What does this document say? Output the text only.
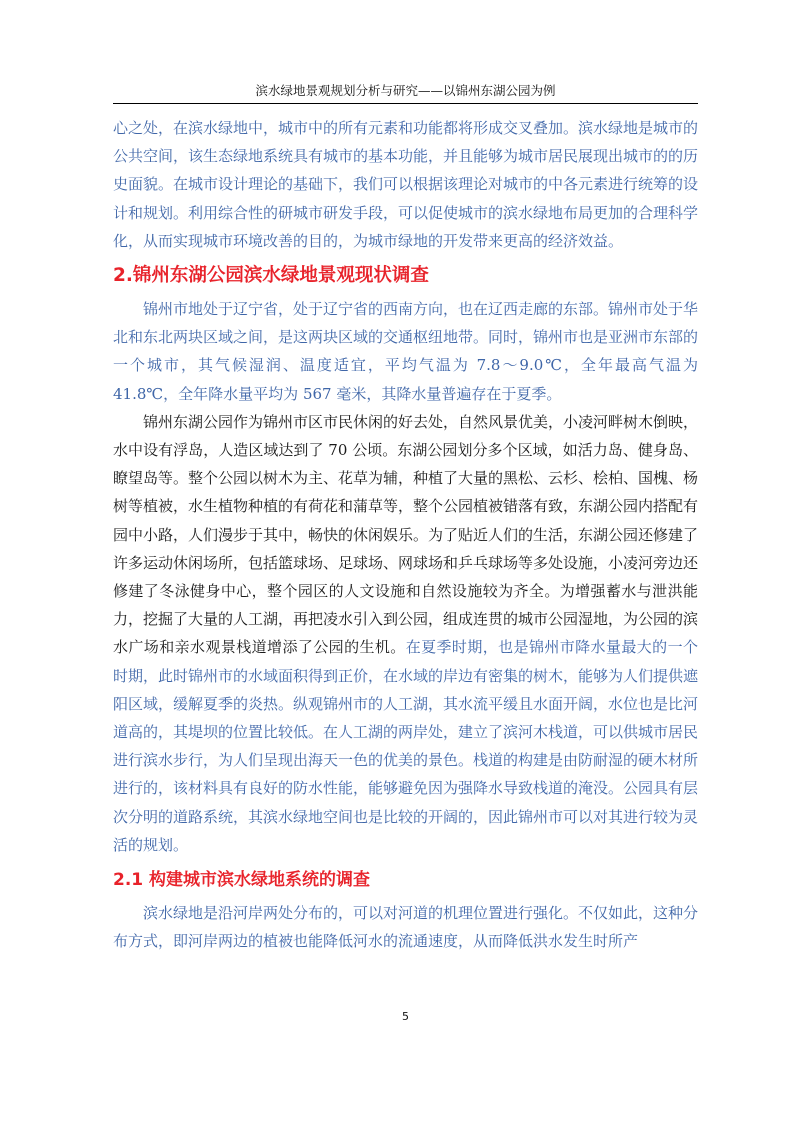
滨水绿地景观规划分析与研究——以锦州东湖公园为例

心之处，在滨水绿地中，城市中的所有元素和功能都将形成交叉叠加。滨水绿地是城市的公共空间，该生态绿地系统具有城市的基本功能，并且能够为城市居民展现出城市的的历史面貌。在城市设计理论的基础下，我们可以根据该理论对城市的中各元素进行统筹的设计和规划。利用综合性的研城市研发手段，可以促使城市的滨水绿地布局更加的合理科学化，从而实现城市环境改善的目的，为城市绿地的开发带来更高的经济效益。

2.锦州东湖公园滨水绿地景观现状调查

锦州市地处于辽宁省，处于辽宁省的西南方向，也在辽西走廊的东部。锦州市处于华北和东北两块区域之间，是这两块区域的交通枢纽地带。同时，锦州市也是亚洲市东部的一个城市，其气候湿润、温度适宜，平均气温为 7.8～9.0℃，全年最高气温为 41.8℃，全年降水量平均为 567 毫米，其降水量普遍存在于夏季。

锦州东湖公园作为锦州市区市民休闲的好去处，自然风景优美，小凌河畔树木倒映，水中设有浮岛，人造区域达到了 70 公顷。东湖公园划分多个区域，如活力岛、健身岛、瞭望岛等。整个公园以树木为主、花草为辅，种植了大量的黑松、云杉、桧柏、国槐、杨树等植被，水生植物种植的有荷花和蒲草等，整个公园植被错落有致，东湖公园内搭配有园中小路，人们漫步于其中，畅快的休闲娱乐。为了贴近人们的生活，东湖公园还修建了许多运动休闲场所，包括篮球场、足球场、网球场和乒乓球场等多处设施，小凌河旁边还修建了冬泳健身中心，整个园区的人文设施和自然设施较为齐全。为增强蓄水与泄洪能力，挖掘了大量的人工湖，再把凌水引入到公园，组成连贯的城市公园湿地，为公园的滨水广场和亲水观景栈道增添了公园的生机。在夏季时期，也是锦州市降水量最大的一个时期，此时锦州市的水域面积得到正价，在水域的岸边有密集的树木，能够为人们提供遮阳区域，缓解夏季的炎热。纵观锦州市的人工湖，其水流平缓且水面开阔，水位也是比河道高的，其堤坝的位置比较低。在人工湖的两岸处，建立了滨河木栈道，可以供城市居民进行滨水步行，为人们呈现出海天一色的优美的景色。栈道的构建是由防耐湿的硬木材所进行的，该材料具有良好的防水性能，能够避免因为强降水导致栈道的淹没。公园具有层次分明的道路系统，其滨水绿地空间也是比较的开阔的，因此锦州市可以对其进行较为灵活的规划。

2.1 构建城市滨水绿地系统的调查

滨水绿地是沿河岸两处分布的，可以对河道的机理位置进行强化。不仅如此，这种分布方式，即河岸两边的植被也能降低河水的流通速度，从而降低洪水发生时所产

5
